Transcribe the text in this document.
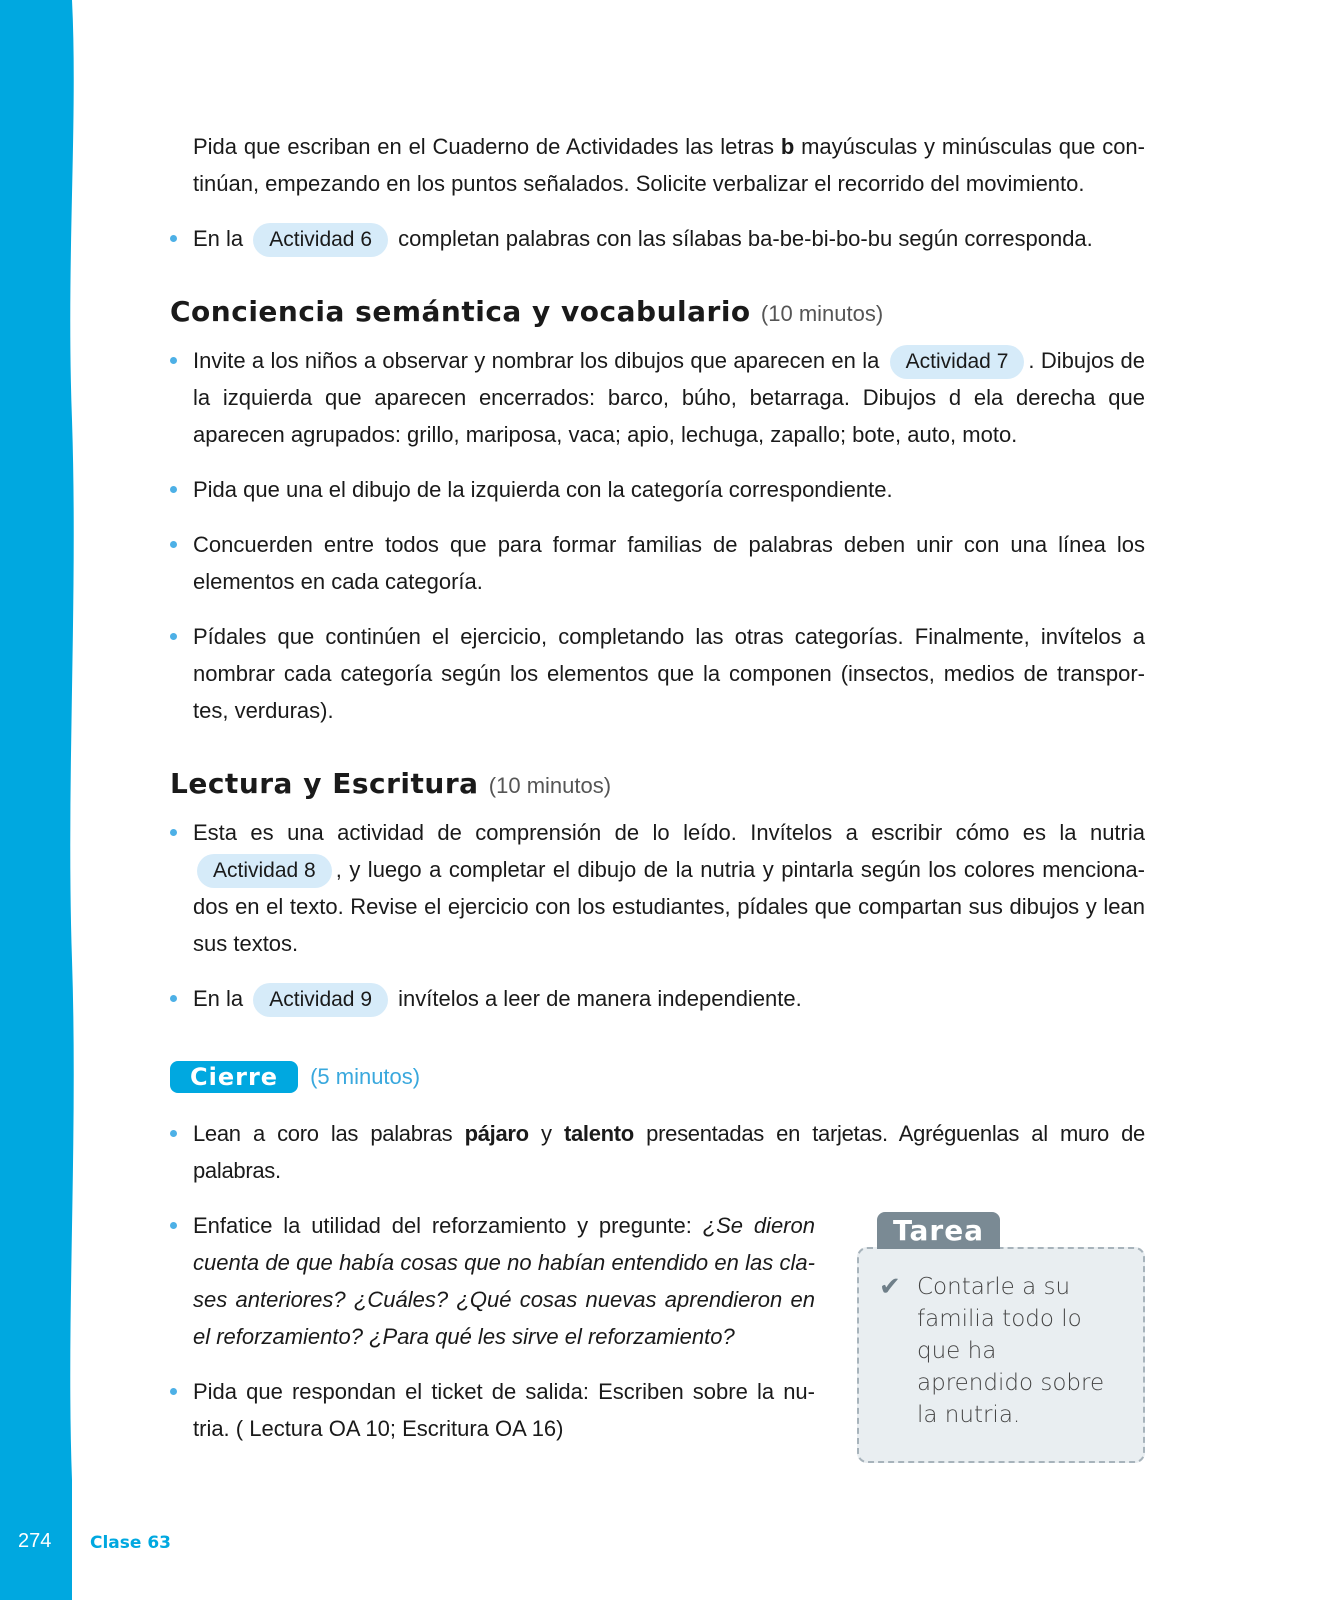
Pida que escriban en el Cuaderno de Actividades las letras b mayúsculas y minúsculas que con-tinúan, empezando en los puntos señalados. Solicite verbalizar el recorrido del movimiento.

En la Actividad 6 completan palabras con las sílabas ba-be-bi-bo-bu según corresponda.
Conciencia semántica y vocabulario (10 minutos)
Invite a los niños a observar y nombrar los dibujos que aparecen en la Actividad 7 . Dibujos de la izquierda que aparecen encerrados: barco, búho, betarraga. Dibujos d ela derecha que aparecen agrupados: grillo, mariposa, vaca; apio, lechuga, zapallo; bote, auto, moto.
Pida que una el dibujo de la izquierda con la categoría correspondiente.
Concuerden entre todos que para formar familias de palabras deben unir con una línea los elementos en cada categoría.
Pídales que continúen el ejercicio, completando las otras categorías. Finalmente, invítelos a nombrar cada categoría según los elementos que la componen (insectos, medios de transpor-tes, verduras).
Lectura y Escritura (10 minutos)
Esta es una actividad de comprensión de lo leído. Invítelos a escribir cómo es la nutria Actividad 8 , y luego a completar el dibujo de la nutria y pintarla según los colores menciona-dos en el texto. Revise el ejercicio con los estudiantes, pídales que compartan sus dibujos y lean sus textos.
En la Actividad 9 invítelos a leer de manera independiente.
Cierre	(5 minutos)
Lean a coro las palabras pájaro y talento presentadas en tarjetas. Agréguenlas al muro de palabras.
Enfatice la utilidad del reforzamiento y pregunte: ¿Se dieron cuenta de que había cosas que no habían entendido en las cla-ses anteriores? ¿Cuáles? ¿Qué cosas nuevas aprendieron en el reforzamiento? ¿Para qué les sirve el reforzamiento?
Pida que respondan el ticket de salida: Escriben sobre la nu-tria. ( Lectura OA 10; Escritura OA 16)
Tarea
✔ Contarle a su familia todo lo que ha aprendido sobre la nutria.
274 Clase 63
